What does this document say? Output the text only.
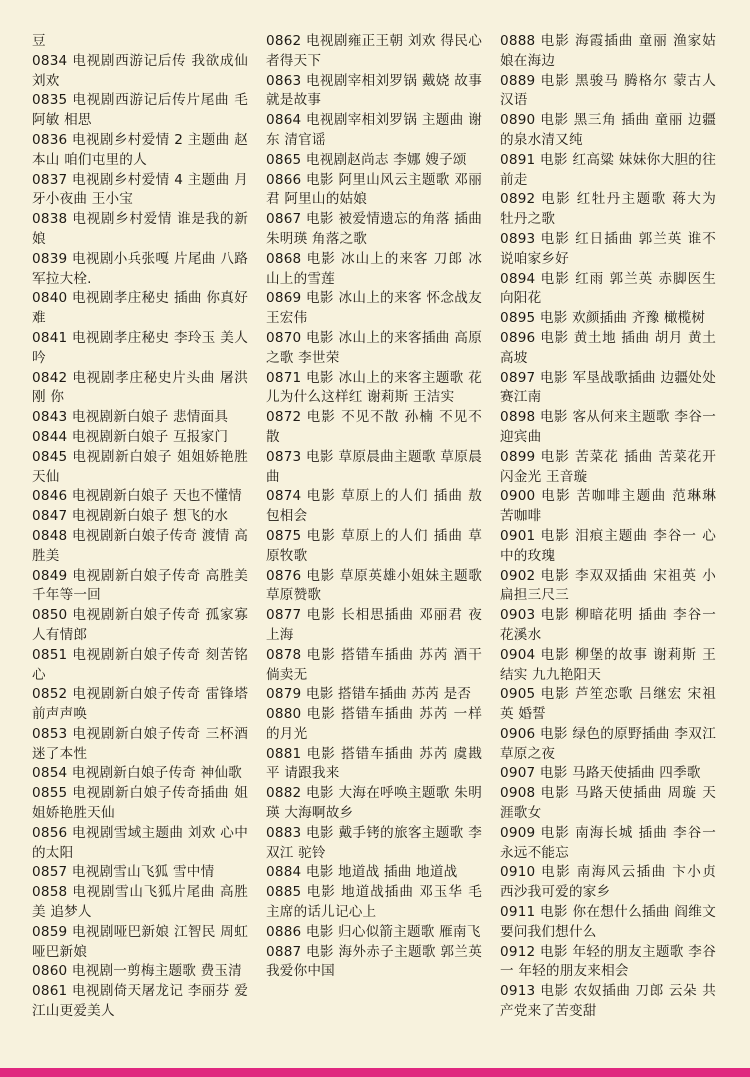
豆
0834 电视剧西游记后传 我欲成仙 刘欢
0835 电视剧西游记后传片尾曲 毛阿敏 相思
0836 电视剧乡村爱情 2 主题曲 赵本山 咱们屯里的人
0837 电视剧乡村爱情 4 主题曲 月牙小夜曲 王小宝
0838 电视剧乡村爱情 谁是我的新娘
0839 电视剧小兵张嘎 片尾曲 八路军拉大栓.
0840 电视剧孝庄秘史 插曲 你真好难
0841 电视剧孝庄秘史 李玲玉 美人吟
0842 电视剧孝庄秘史片头曲 屠洪刚 你
0843 电视剧新白娘子 悲情面具
0844 电视剧新白娘子 互报家门
0845 电视剧新白娘子 姐姐娇艳胜天仙
0846 电视剧新白娘子 天也不懂情
0847 电视剧新白娘子 想飞的水
0848 电视剧新白娘子传奇 渡情 高胜美
0849 电视剧新白娘子传奇 高胜美 千年等一回
0850 电视剧新白娘子传奇 孤家寡人有情郎
0851 电视剧新白娘子传奇 刻苦铭心
0852 电视剧新白娘子传奇 雷锋塔前声声唤
0853 电视剧新白娘子传奇 三杯酒迷了本性
0854 电视剧新白娘子传奇 神仙歌
0855 电视剧新白娘子传奇插曲 姐姐娇艳胜天仙
0856 电视剧雪域主题曲 刘欢 心中的太阳
0857 电视剧雪山飞狐 雪中情
0858 电视剧雪山飞狐片尾曲 高胜美 追梦人
0859 电视剧哑巴新娘 江智民 周虹 哑巴新娘
0860 电视剧一剪梅主题歌 费玉清
0861 电视剧倚天屠龙记 李丽芬 爱江山更爱美人
0862 电视剧雍正王朝 刘欢 得民心者得天下
0863 电视剧宰相刘罗锅 戴娆 故事就是故事
0864 电视剧宰相刘罗锅 主题曲 谢东 清官谣
0865 电视剧赵尚志 李娜 嫂子颂
0866 电影 阿里山风云主题歌 邓丽君 阿里山的姑娘
0867 电影 被爱情遗忘的角落 插曲 朱明瑛 角落之歌
0868 电影 冰山上的来客 刀郎 冰山上的雪莲
0869 电影 冰山上的来客 怀念战友 王宏伟
0870 电影 冰山上的来客插曲 高原之歌 李世荣
0871 电影 冰山上的来客主题歌 花儿为什么这样红 谢莉斯 王洁实
0872 电影 不见不散 孙楠 不见不散
0873 电影 草原晨曲主题歌 草原晨曲
0874 电影 草原上的人们 插曲 敖包相会
0875 电影 草原上的人们 插曲 草原牧歌
0876 电影 草原英雄小姐妹主题歌 草原赞歌
0877 电影 长相思插曲 邓丽君 夜上海
0878 电影 搭错车插曲 苏芮 酒干倘卖无
0879 电影 搭错车插曲 苏芮 是否
0880 电影 搭错车插曲 苏芮 一样的月光
0881 电影 搭错车插曲 苏芮 虞戡平 请跟我来
0882 电影 大海在呼唤主题歌 朱明瑛 大海啊故乡
0883 电影 戴手铐的旅客主题歌 李双江 驼铃
0884 电影 地道战 插曲 地道战
0885 电影 地道战插曲 邓玉华 毛主席的话儿记心上
0886 电影 归心似箭主题歌 雁南飞
0887 电影 海外赤子主题歌 郭兰英 我爱你中国
0888 电影 海霞插曲 童丽 渔家姑娘在海边
0889 电影 黑骏马 腾格尔 蒙古人 汉语
0890 电影 黑三角 插曲 童丽 边疆的泉水清又纯
0891 电影 红高粱 妹妹你大胆的往前走
0892 电影 红牡丹主题歌 蒋大为 牡丹之歌
0893 电影 红日插曲 郭兰英 谁不说咱家乡好
0894 电影 红雨 郭兰英 赤脚医生向阳花
0895 电影 欢颜插曲 齐豫 橄榄树
0896 电影 黄土地 插曲 胡月 黄土高坡
0897 电影 军垦战歌插曲 边疆处处赛江南
0898 电影 客从何来主题歌 李谷一 迎宾曲
0899 电影 苦菜花 插曲 苦菜花开闪金光 王音璇
0900 电影 苦咖啡主题曲 范琳琳 苦咖啡
0901 电影 泪痕主题曲 李谷一 心中的玫瑰
0902 电影 李双双插曲 宋祖英 小扁担三尺三
0903 电影 柳暗花明 插曲 李谷一 花溪水
0904 电影 柳堡的故事 谢莉斯 王结实 九九艳阳天
0905 电影 芦笙恋歌 吕继宏 宋祖英 婚誓
0906 电影 绿色的原野插曲 李双江 草原之夜
0907 电影 马路天使插曲 四季歌
0908 电影 马路天使插曲 周璇 天涯歌女
0909 电影 南海长城 插曲 李谷一 永远不能忘
0910 电影 南海风云插曲 卞小贞 西沙我可爱的家乡
0911 电影 你在想什么插曲 阎维文 要问我们想什么
0912 电影 年轻的朋友主题歌 李谷一 年轻的朋友来相会
0913 电影 农奴插曲 刀郎 云朵 共产党来了苦变甜
